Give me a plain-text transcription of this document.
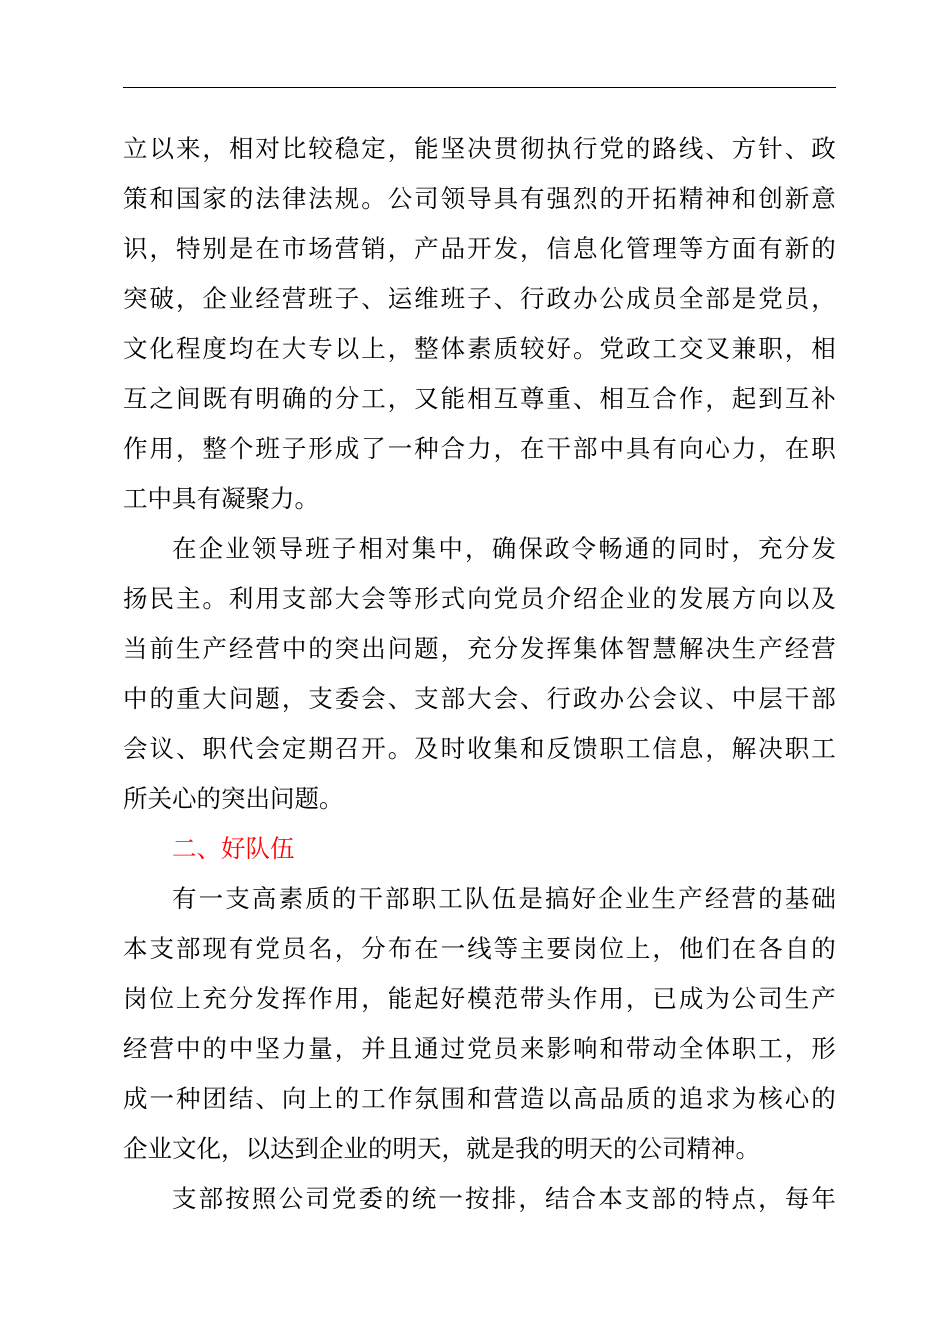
立 以 来 ， 相 对 比 较 稳 定 ， 能 坚 决 贯 彻 执 行 党 的 路 线 、 方 针 、 政
策 和 国 家 的 法 律 法 规 。 公 司 领 导 具 有 强 烈 的 开 拓 精 神 和 创 新 意
识 ， 特 别 是 在 市 场 营 销 ， 产 品 开 发 ， 信 息 化 管 理 等 方 面 有 新 的
突 破 ， 企 业 经 营 班 子 、 运 维 班 子 、 行 政 办 公 成 员 全 部 是 党 员 ，
文 化 程 度 均 在 大 专 以 上 ， 整 体 素 质 较 好 。 党 政 工 交 叉 兼 职 ， 相
互 之 间 既 有 明 确 的 分 工 ， 又 能 相 互 尊 重 、 相 互 合 作 ， 起 到 互 补
作 用 ， 整 个 班 子 形 成 了 一 种 合 力 ， 在 干 部 中 具 有 向 心 力 ， 在 职
工中具有凝聚力。
在 企 业 领 导 班 子 相 对 集 中 ， 确 保 政 令 畅 通 的 同 时 ， 充 分 发
扬 民 主 。 利 用 支 部 大 会 等 形 式 向 党 员 介 绍 企 业 的 发 展 方 向 以 及
当 前 生 产 经 营 中 的 突 出 问 题 ， 充 分 发 挥 集 体 智 慧 解 决 生 产 经 营
中 的 重 大 问 题 ， 支 委 会 、 支 部 大 会 、 行 政 办 公 会 议 、 中 层 干 部
会 议 、 职 代 会 定 期 召 开 。 及 时 收 集 和 反 馈 职 工 信 息 ， 解 决 职 工
所关心的突出问题。
二、好队伍
有 一 支 高 素 质 的 干 部 职 工 队 伍 是 搞 好 企 业 生 产 经 营 的 基 础
本 支 部 现 有 党 员 名 ， 分 布 在 一 线 等 主 要 岗 位 上 ， 他 们 在 各 自 的
岗 位 上 充 分 发 挥 作 用 ， 能 起 好 模 范 带 头 作 用 ， 已 成 为 公 司 生 产
经 营 中 的 中 坚 力 量 ， 并 且 通 过 党 员 来 影 响 和 带 动 全 体 职 工 ， 形
成 一 种 团 结 、 向 上 的 工 作 氛 围 和 营 造 以 高 品 质 的 追 求 为 核 心 的
企业文化，以达到企业的明天，就是我的明天的公司精神。
支 部 按 照 公 司 党 委 的 统 一 按 排 ， 结 合 本 支 部 的 特 点 ， 每 年
